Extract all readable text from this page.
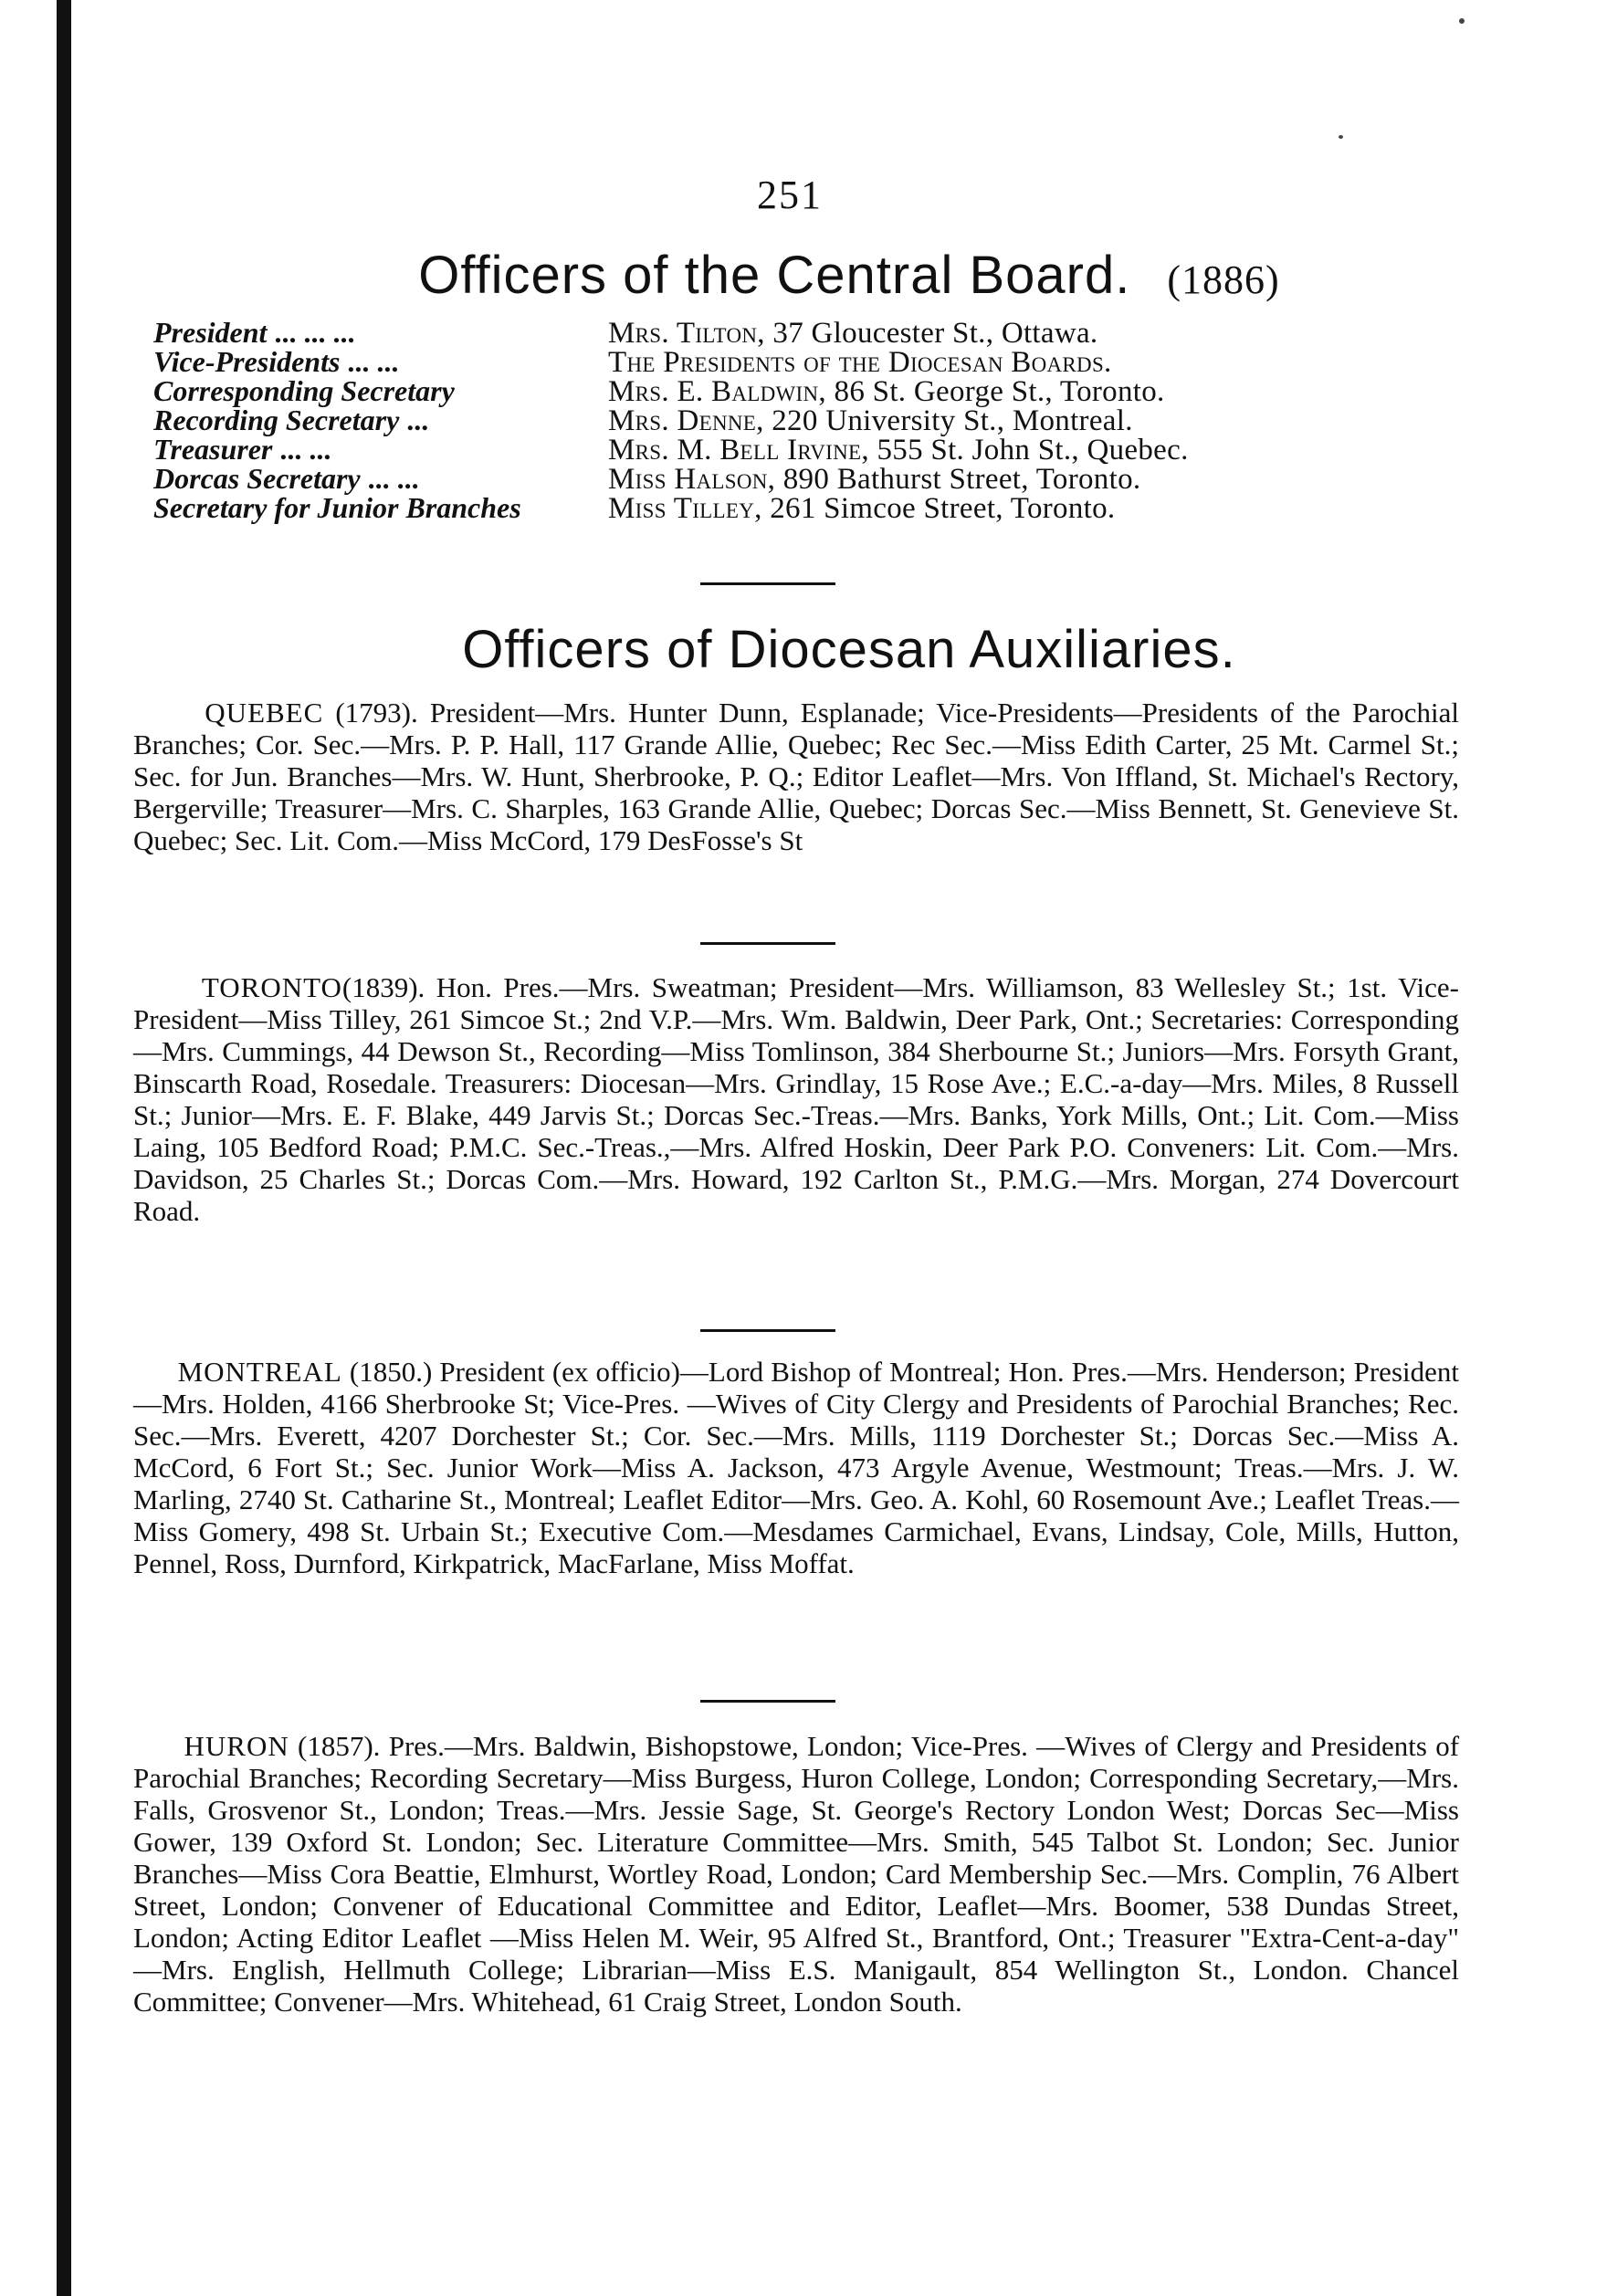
251
Officers of the Central Board. (1886)
President ... ... ...	Mrs. Tilton, 37 Gloucester St., Ottawa.
Vice-Presidents ... ...	The Presidents of the Diocesan Boards.
Corresponding Secretary	Mrs. E. Baldwin, 86 St. George St., Toronto.
Recording Secretary ...	Mrs. Denne, 220 University St., Montreal.
Treasurer ... ...	Mrs. M. Bell Irvine, 555 St. John St., Quebec.
Dorcas Secretary ... ...	Miss Halson, 890 Bathurst Street, Toronto.
Secretary for Junior Branches	Miss Tilley, 261 Simcoe Street, Toronto.
Officers of Diocesan Auxiliaries.
QUEBEC (1793). President—Mrs. Hunter Dunn, Esplanade; Vice-Presidents—Presidents of the Parochial Branches; Cor. Sec.—Mrs. P. P. Hall, 117 Grande Allie, Quebec; Rec Sec.—Miss Edith Carter, 25 Mt. Carmel St.; Sec. for Jun. Branches—Mrs. W. Hunt, Sherbrooke, P. Q.; Editor Leaflet—Mrs. Von Iffland, St. Michael's Rectory, Bergerville; Treasurer—Mrs. C. Sharples, 163 Grande Allie, Quebec; Dorcas Sec.—Miss Bennett, St. Genevieve St. Quebec; Sec. Lit. Com.—Miss McCord, 179 DesFosse's St
TORONTO(1839). Hon. Pres.—Mrs. Sweatman; President—Mrs. Williamson, 83 Wellesley St.; 1st. Vice-President—Miss Tilley, 261 Simcoe St.; 2nd V.P.—Mrs. Wm. Baldwin, Deer Park, Ont.; Secretaries: Corresponding—Mrs. Cummings, 44 Dewson St., Recording—Miss Tomlinson, 384 Sherbourne St.; Juniors—Mrs. Forsyth Grant, Binscarth Road, Rosedale. Treasurers: Diocesan—Mrs. Grindlay, 15 Rose Ave.; E.C.-a-day—Mrs. Miles, 8 Russell St.; Junior—Mrs. E. F. Blake, 449 Jarvis St.; Dorcas Sec.-Treas.—Mrs. Banks, York Mills, Ont.; Lit. Com.—Miss Laing, 105 Bedford Road; P.M.C. Sec.-Treas.,—Mrs. Alfred Hoskin, Deer Park P.O. Conveners: Lit. Com.—Mrs. Davidson, 25 Charles St.; Dorcas Com.—Mrs. Howard, 192 Carlton St., P.M.G.—Mrs. Morgan, 274 Dovercourt Road.
MONTREAL (1850.) President (ex officio)—Lord Bishop of Montreal; Hon. Pres.—Mrs. Henderson; President—Mrs. Holden, 4166 Sherbrooke St; Vice-Pres. —Wives of City Clergy and Presidents of Parochial Branches; Rec. Sec.—Mrs. Everett, 4207 Dorchester St.; Cor. Sec.—Mrs. Mills, 1119 Dorchester St.; Dorcas Sec.—Miss A. McCord, 6 Fort St.; Sec. Junior Work—Miss A. Jackson, 473 Argyle Avenue, Westmount; Treas.—Mrs. J. W. Marling, 2740 St. Catharine St., Montreal; Leaflet Editor—Mrs. Geo. A. Kohl, 60 Rosemount Ave.; Leaflet Treas.—Miss Gomery, 498 St. Urbain St.; Executive Com.—Mesdames Carmichael, Evans, Lindsay, Cole, Mills, Hutton, Pennel, Ross, Durnford, Kirkpatrick, MacFarlane, Miss Moffat.
HURON (1857). Pres.—Mrs. Baldwin, Bishopstowe, London; Vice-Pres. —Wives of Clergy and Presidents of Parochial Branches; Recording Secretary—Miss Burgess, Huron College, London; Corresponding Secretary,—Mrs. Falls, Grosvenor St., London; Treas.—Mrs. Jessie Sage, St. George's Rectory London West; Dorcas Sec—Miss Gower, 139 Oxford St. London; Sec. Literature Committee—Mrs. Smith, 545 Talbot St. London; Sec. Junior Branches—Miss Cora Beattie, Elmhurst, Wortley Road, London; Card Membership Sec.—Mrs. Complin, 76 Albert Street, London; Convener of Educational Committee and Editor, Leaflet—Mrs. Boomer, 538 Dundas Street, London; Acting Editor Leaflet —Miss Helen M. Weir, 95 Alfred St., Brantford, Ont.; Treasurer "Extra-Cent-a-day" —Mrs. English, Hellmuth College; Librarian—Miss E.S. Manigault, 854 Wellington St., London. Chancel Committee; Convener—Mrs. Whitehead, 61 Craig Street, London South.
